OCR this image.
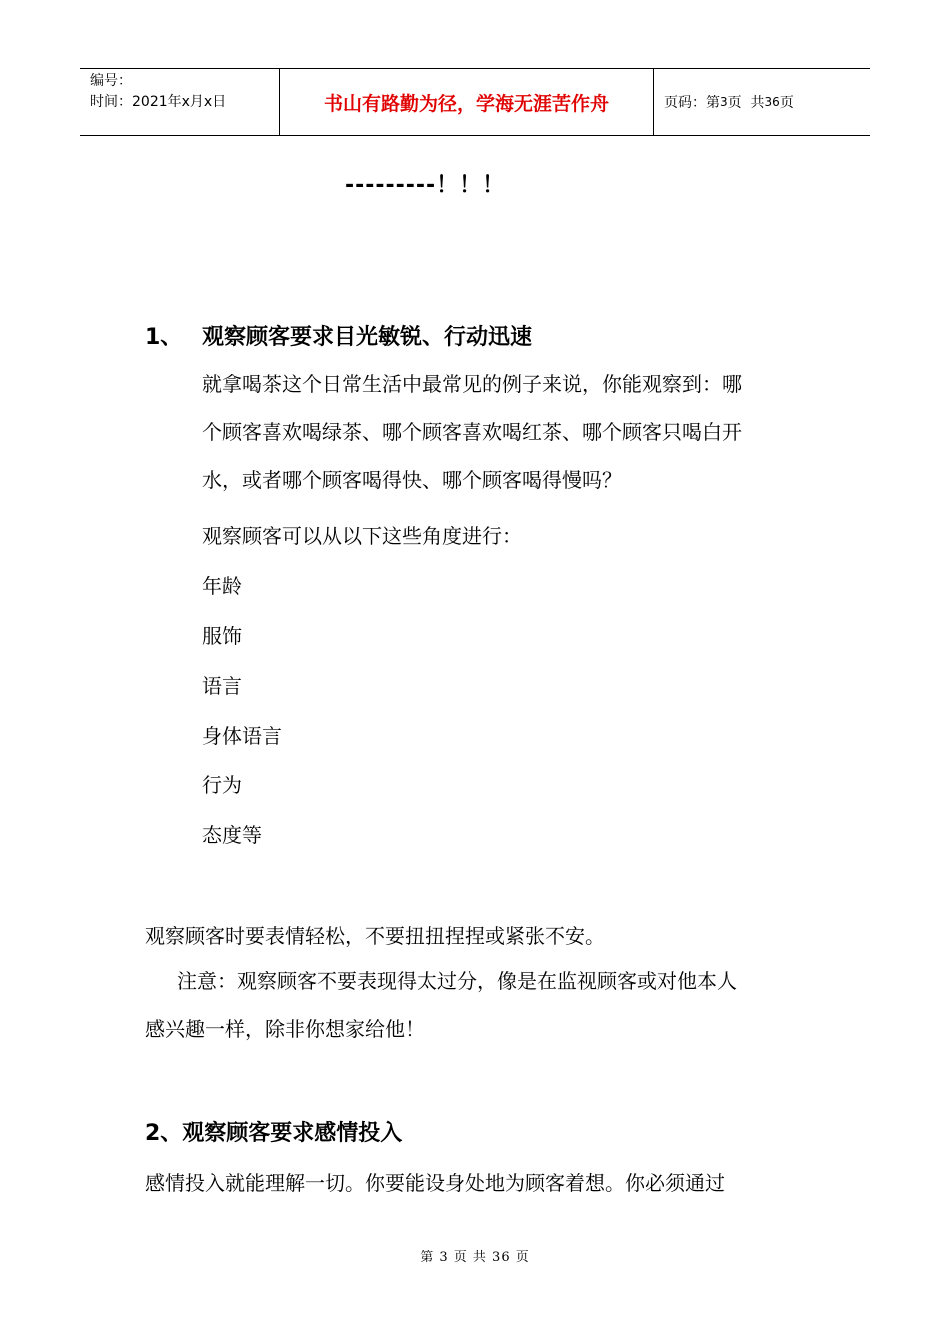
编号：
时间：2021年x月x日	书山有路勤为径，学海无涯苦作舟	页码：第 3 页  共 36 页
---------！！！
1、 观察顾客要求目光敏锐、行动迅速
就拿喝茶这个日常生活中最常见的例子来说，你能观察到：哪
个顾客喜欢喝绿茶、哪个顾客喜欢喝红茶、哪个顾客只喝白开
水，或者哪个顾客喝得快、哪个顾客喝得慢吗？
观察顾客可以从以下这些角度进行：
年龄
服饰
语言
身体语言
行为
态度等
观察顾客时要表情轻松，不要扭扭捏捏或紧张不安。
注意：观察顾客不要表现得太过分，像是在监视顾客或对他本人
感兴趣一样，除非你想家给他！
2、观察顾客要求感情投入
感情投入就能理解一切。你要能设身处地为顾客着想。你必须通过
第 3 页 共 36 页
